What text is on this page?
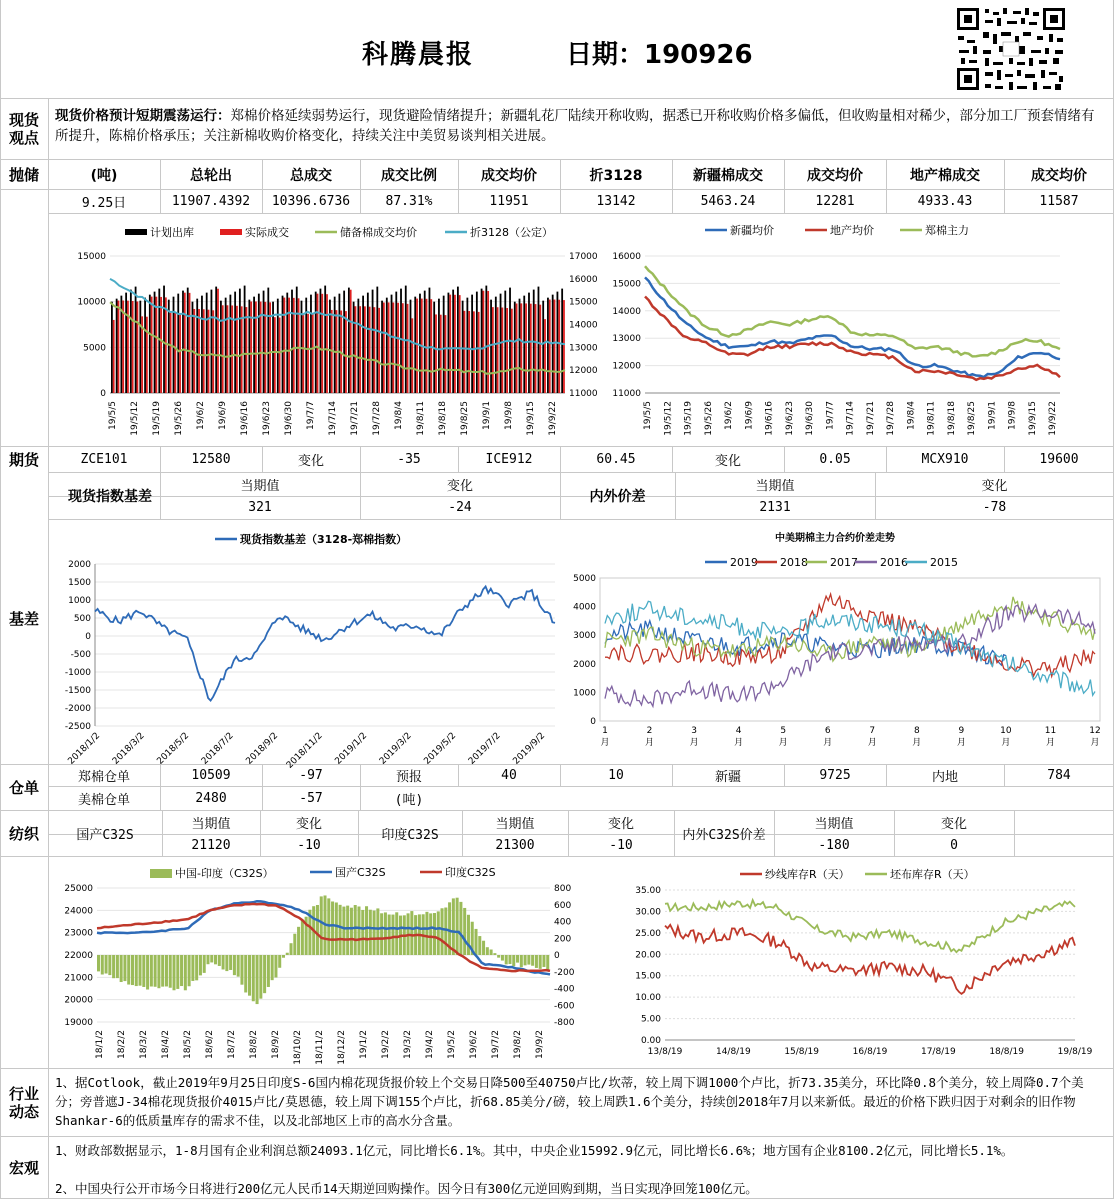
科腾晨报	日期：190926
现货
观点
现货价格预计短期震荡运行：郑棉价格延续弱势运行，现货避险情绪提升；新疆轧花厂陆续开称收购，据悉已开称收购价格多偏低，但收购量相对稀少，部分加工厂预套情绪有所提升，陈棉价格承压；关注新棉收购价格变化，持续关注中美贸易谈判相关进展。
抛储	(吨)	总轮出	总成交	成交比例	成交均价	折3128	新疆棉成交	成交均价	地产棉成交	成交均价
9.25日	11907.4392	10396.6736	87.31%	11951	13142	5463.24	12281	4933.43	11587
计划出库	实际成交	储备棉成交均价	折3128（公定）
0
5000
10000
15000
11000
12000
13000
14000
15000
16000
17000
19/5/5 19/5/12 19/5/19 19/5/26 19/6/2 19/6/9 19/6/16 19/6/23 19/6/30 19/7/7 19/7/14 19/7/21 19/7/28 19/8/4 19/8/11 19/8/18 19/8/25 19/9/1 19/9/8 19/9/15 19/9/22
新疆均价	地产均价	郑棉主力
11000
12000
13000
14000
15000
16000
19/5/5 19/5/12 19/5/19 19/5/26 19/6/2 19/6/9 19/6/16 19/6/23 19/6/30 19/7/7 19/7/14 19/7/21 19/7/28 19/8/4 19/8/11 19/8/18 19/8/25 19/9/1 19/9/8 19/9/15 19/9/22
期货	ZCE101	12580	变化	-35	ICE912	60.45	变化	0.05	MCX910	19600
基差
现货指数基差
当期值	变化
321	-24
内外价差
当期值	变化
2131	-78
现货指数基差（3128-郑棉指数）
-2500
-2000
-1500
-1000
-500
0
500
1000
1500
2000
2018/1/2 2018/3/2 2018/5/2 2018/7/2 2018/9/2 2018/11/2 2019/1/2 2019/3/2 2019/5/2 2019/7/2 2019/9/2
中美期棉主力合约价差走势
2019 2018 2017 2016 2015
0
1000
2000
3000
4000
5000
1
月
2
月
3
月
4
月
5
月
6
月
7
月
8
月
9
月
10
月
11
月
12
月
仓单
郑棉仓单	10509	-97	预报	40	10	新疆	9725	内地	784
美棉仓单	2480	-57	(吨)
纺织	国产C32S
当期值	变化
21120	-10
印度C32S
当期值	变化
21300	-10
内外C32S价差
当期值	变化
-180	0
中国-印度（C32S）	国产C32S	印度C32S
19000
20000
21000
22000
23000
24000
25000
-800
-600
-400
-200
0
200
400
600
800
18/1/2 18/2/2 18/3/2 18/4/2 18/5/2 18/6/2 18/7/2 18/8/2 18/9/2 18/10/2 18/11/2 18/12/2 19/1/2 19/2/2 19/3/2 19/4/2 19/5/2 19/6/2 19/7/2 19/8/2 19/9/2
纱线库存R（天）	坯布库存R（天）
0.00
5.00
10.00
15.00
20.00
25.00
30.00
35.00
13/8/19	14/8/19	15/8/19	16/8/19	17/8/19	18/8/19	19/8/19
行业
动态
1、据Cotlook，截止2019年9月25日印度S-6国内棉花现货报价较上个交易日降500至40750卢比/坎蒂，较上周下调1000个卢比，折73.35美分，环比降0.8个美分，较上周降0.7个美分；旁普遮J-34棉花现货报价4015卢比/莫恩德，较上周下调155个卢比，折68.85美分/磅，较上周跌1.6个美分，持续创2018年7月以来新低。最近的价格下跌归因于对剩余的旧作物Shankar-6的低质量库存的需求不佳，以及北部地区上市的高水分含量。
宏观
1、财政部数据显示，1-8月国有企业利润总额24093.1亿元，同比增长6.1%。其中，中央企业15992.9亿元，同比增长6.6%；地方国有企业8100.2亿元，同比增长5.1%。
2、中国央行公开市场今日将进行200亿元人民币14天期逆回购操作。因今日有300亿元逆回购到期，当日实现净回笼100亿元。
